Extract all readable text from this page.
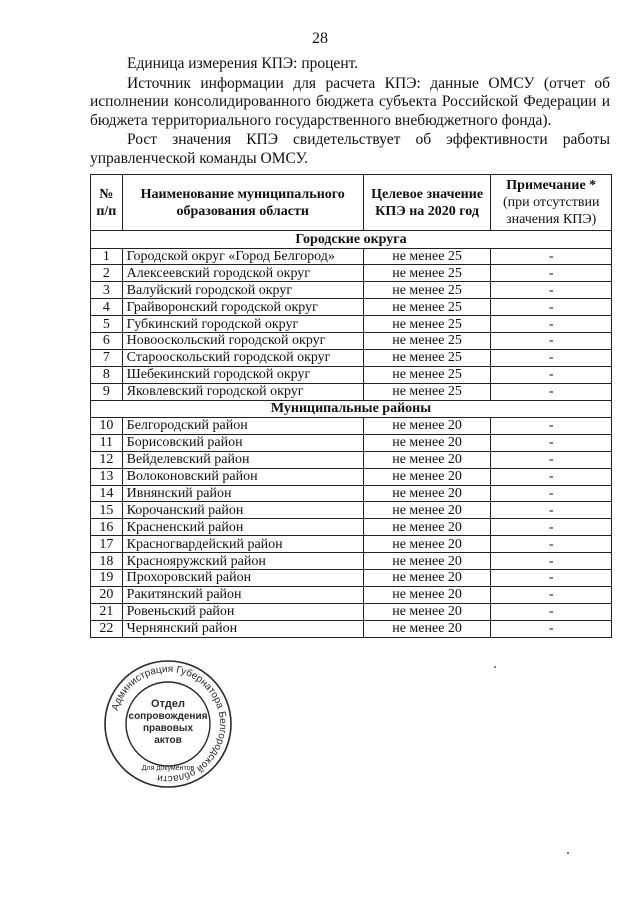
28

Единица измерения КПЭ: процент.

Источник информации для расчета КПЭ: данные ОМСУ (отчет об исполнении консолидированного бюджета субъекта Российской Федерации и бюджета территориального государственного внебюджетного фонда).

Рост значения КПЭ свидетельствует об эффективности работы управленческой команды ОМСУ.

№ п/п	Наименование муниципального образования области	Целевое значение КПЭ на 2020 год	Примечание *
(при отсутствии значения КПЭ)
Городские округа			
1	Городской округ «Город Белгород»	не менее 25	-
2	Алексеевский городской округ	не менее 25	-
3	Валуйский городской округ	не менее 25	-
4	Грайворонский городской округ	не менее 25	-
5	Губкинский городской округ	не менее 25	-
6	Новооскольский городской округ	не менее 25	-
7	Старооскольский городской округ	не менее 25	-
8	Шебекинский городской округ	не менее 25	-
9	Яковлевский городской округ	не менее 25	-
Муниципальные районы			
10	Белгородский район	не менее 20	-
11	Борисовский район	не менее 20	-
12	Вейделевский район	не менее 20	-
13	Волоконовский район	не менее 20	-
14	Ивнянский район	не менее 20	-
15	Корочанский район	не менее 20	-
16	Красненский район	не менее 20	-
17	Красногвардейский район	не менее 20	-
18	Краснояружский район	не менее 20	-
19	Прохоровский район	не менее 20	-
20	Ракитянский район	не менее 20	-
21	Ровеньский район	не менее 20	-
22	Чернянский район	не менее 20	-
Администрация Губернатора Белгородской области
Для документов
Отдел
сопровождения
правовых
актов
